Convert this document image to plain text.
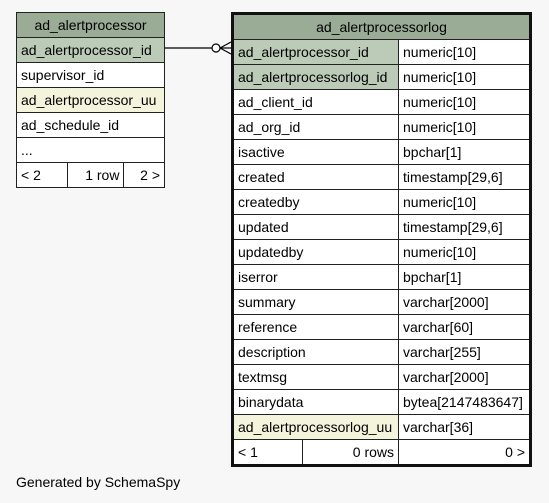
ad_alertprocessor
ad_alertprocessor_id
supervisor_id
ad_alertprocessor_uu
ad_schedule_id
...
< 2	1 row	2 >
ad_alertprocessorlog		
ad_alertprocessor_id		numeric[10]
ad_alertprocessorlog_id		numeric[10]
ad_client_id		numeric[10]
ad_org_id		numeric[10]
isactive		bpchar[1]
created		timestamp[29,6]
createdby		numeric[10]
updated		timestamp[29,6]
updatedby		numeric[10]
iserror		bpchar[1]
summary		varchar[2000]
reference		varchar[60]
description		varchar[255]
textmsg		varchar[2000]
binarydata		bytea[2147483647]
ad_alertprocessorlog_uu		varchar[36]
< 1	0 rows	0 >
Generated by SchemaSpy
